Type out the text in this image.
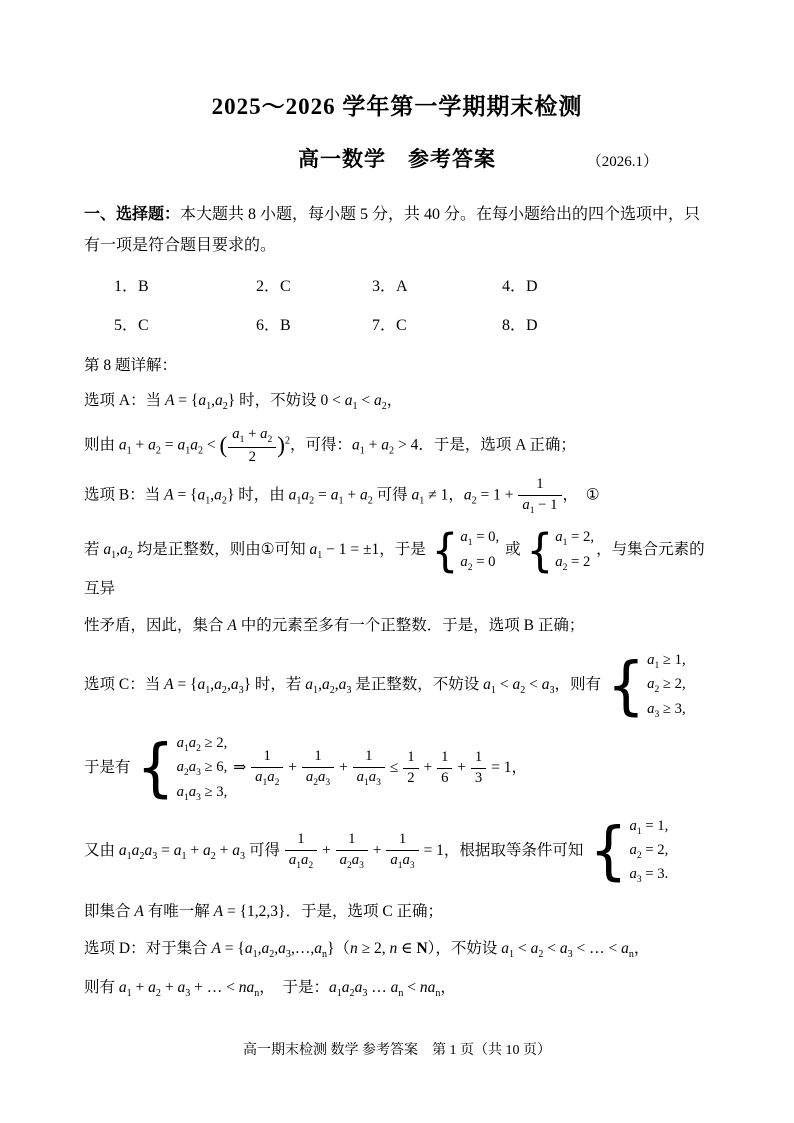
2025～2026 学年第一学期期末检测
高一数学　参考答案	（2026.1）

一、选择题：本大题共 8 小题，每小题 5 分，共 40 分。在每小题给出的四个选项中，只有一项是符合题目要求的。

1．B	2．C	3．A	4．D
5．C	6．B	7．C	8．D

第 8 题详解：

选项 A：当 $A = \{a_1,a_2\}$ 时，不妨设 $0 < a_1 < a_2$，
则由 $a_1 + a_2 = a_1a_2$ < ( $\frac{a_1 + a_2}{2} )^2$，可得：$a_1 + a_2 > 4$．于是，选项 A 正确；
选项 B：当 $A = \{a_1,a_2\}$ 时，由 $a_1a_2 = a_1 + a_2$ 可得 $a_1 \ne 1$，$a_2 = 1 + \frac{1}{a_1 - 1}$ ，　①
若 $a_1,a_2$ 均是正整数，则由①可知 $a_1 - 1 = \pm 1$，于是 { $a_1 = 0$,
$a_2 = 0$
或 { $a_1 = 2$,
$a_2 = 2$
，与集合元素的互异
性矛盾，因此，集合 A 中的元素至多有一个正整数．于是，选项 B 正确；
选项 C：当 $A = \{a_1,a_2,a_3\}$ 时，若 $a_1,a_2,a_3$ 是正整数，不妨设 $a_1 < a_2 < a_3$，则有 { $a_1 \ge 1$,
$a_2 \ge 2$,
$a_3 \ge 3$,
于是有 { $a_1a_2 \ge 2$,
$a_2a_3 \ge 6$,
$a_1a_3 \ge 3$,
⇒ $\frac{1}{a_1a_2} + \frac{1}{a_2a_3} + \frac{1}{a_1a_3} \le \frac{1}{2} + \frac{1}{6} + \frac{1}{3} = 1$，
又由 $a_1a_2a_3 = a_1 + a_2 + a_3$ 可得 $\frac{1}{a_1a_2} + \frac{1}{a_2a_3} + \frac{1}{a_1a_3} = 1$，根据取等条件可知 { $a_1 = 1$,
$a_2 = 2$,
$a_3 = 3$.
即集合 A 有唯一解 A = {1,2,3}．于是，选项 C 正确；
选项 D：对于集合 $A = \{a_1,a_2,a_3,\dots,a_n\}(n \ge 2$, n ∈ N），不妨设 $a_1 < a_2 < a_3$ < … < $a_n$，
则有 $a_1 + a_2 + a_3$ + … < $na_n$，　于是：$a_1a_2a_3$ … $a_n < na_n$，
高一期末检测 数学 参考答案　第 1 页（共 10 页）
